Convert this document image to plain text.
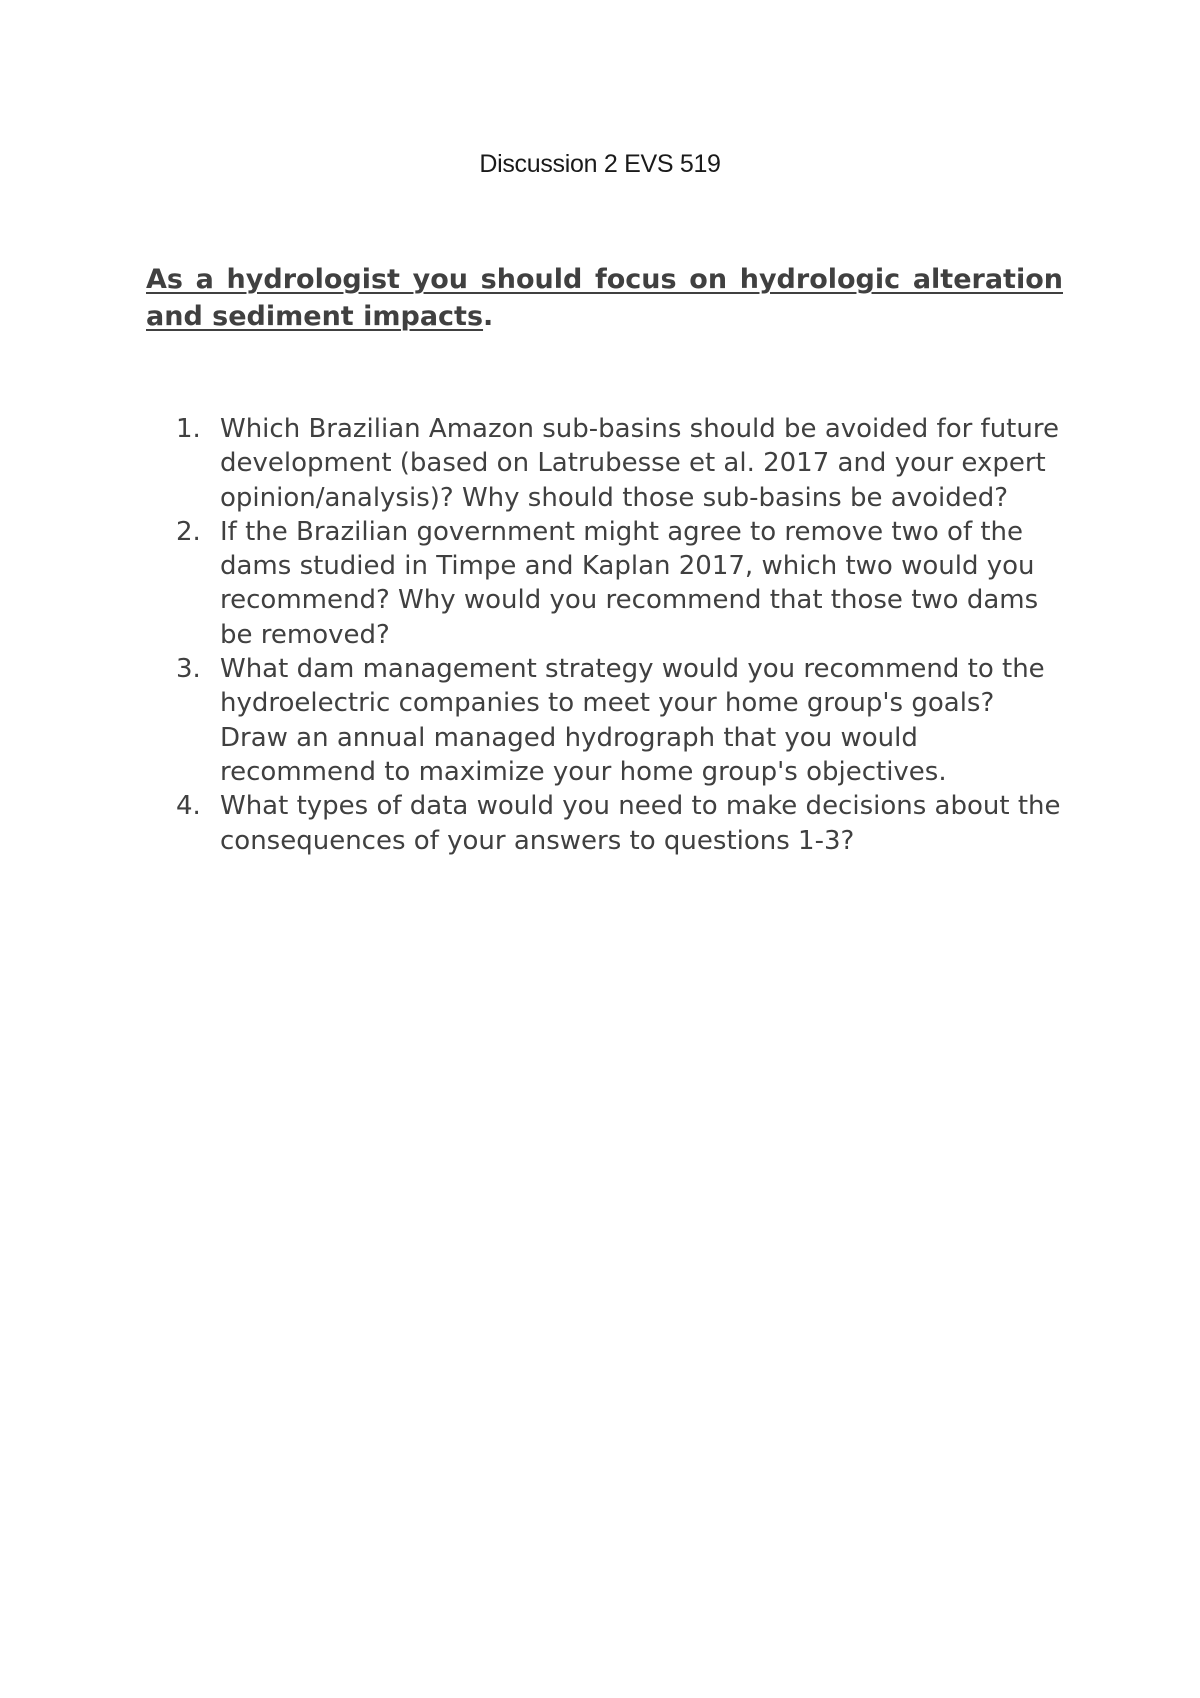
Discussion 2 EVS 519
As a hydrologist you should focus on hydrologic alteration and sediment impacts.
1. Which Brazilian Amazon sub-basins should be avoided for future development (based on Latrubesse et al. 2017 and your expert opinion/analysis)? Why should those sub-basins be avoided?
2. If the Brazilian government might agree to remove two of the dams studied in Timpe and Kaplan 2017, which two would you recommend? Why would you recommend that those two dams be removed?
3. What dam management strategy would you recommend to the hydroelectric companies to meet your home group's goals? Draw an annual managed hydrograph that you would recommend to maximize your home group's objectives.
4. What types of data would you need to make decisions about the consequences of your answers to questions 1-3?
